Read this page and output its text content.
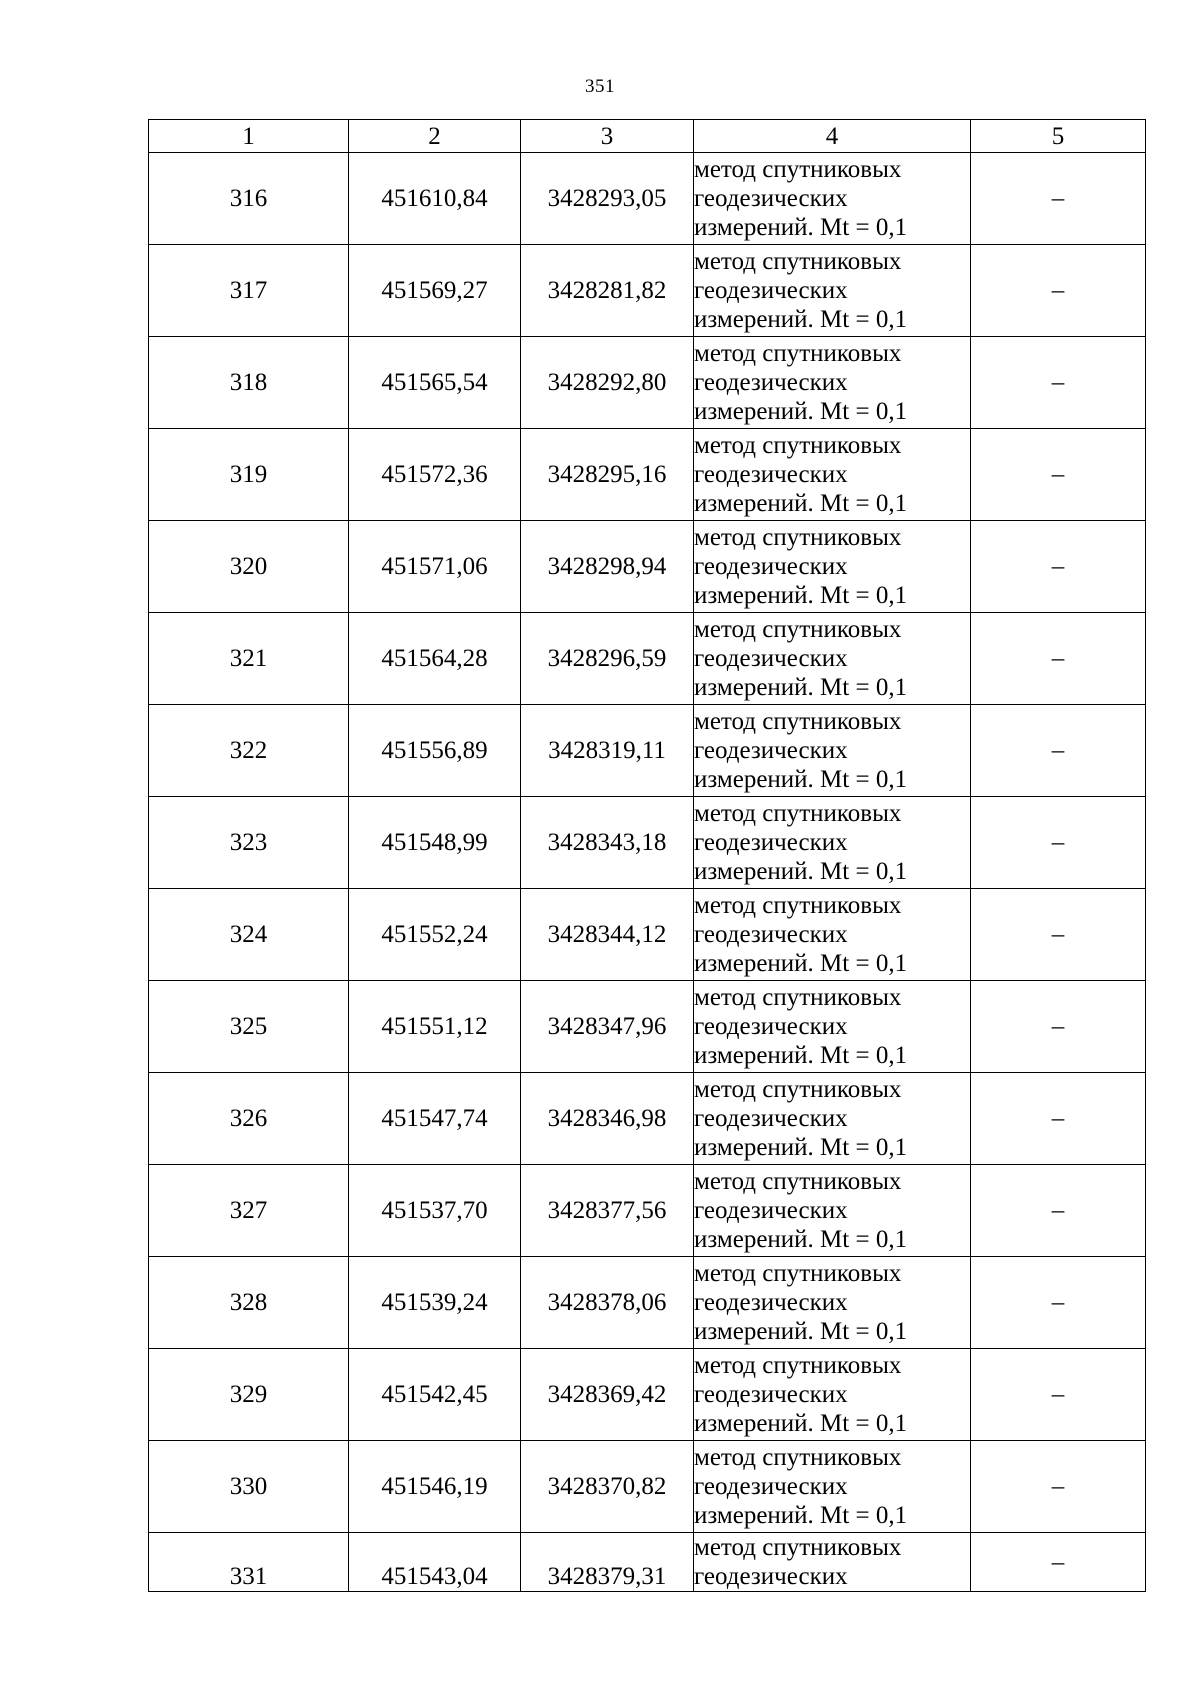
351
1	2	3	4	5
316	451610,84	3428293,05	метод спутниковых
геодезических
измерений. Mt = 0,1	–
317	451569,27	3428281,82	метод спутниковых
геодезических
измерений. Mt = 0,1	–
318	451565,54	3428292,80	метод спутниковых
геодезических
измерений. Mt = 0,1	–
319	451572,36	3428295,16	метод спутниковых
геодезических
измерений. Mt = 0,1	–
320	451571,06	3428298,94	метод спутниковых
геодезических
измерений. Mt = 0,1	–
321	451564,28	3428296,59	метод спутниковых
геодезических
измерений. Mt = 0,1	–
322	451556,89	3428319,11	метод спутниковых
геодезических
измерений. Mt = 0,1	–
323	451548,99	3428343,18	метод спутниковых
геодезических
измерений. Mt = 0,1	–
324	451552,24	3428344,12	метод спутниковых
геодезических
измерений. Mt = 0,1	–
325	451551,12	3428347,96	метод спутниковых
геодезических
измерений. Mt = 0,1	–
326	451547,74	3428346,98	метод спутниковых
геодезических
измерений. Mt = 0,1	–
327	451537,70	3428377,56	метод спутниковых
геодезических
измерений. Mt = 0,1	–
328	451539,24	3428378,06	метод спутниковых
геодезических
измерений. Mt = 0,1	–
329	451542,45	3428369,42	метод спутниковых
геодезических
измерений. Mt = 0,1	–
330	451546,19	3428370,82	метод спутниковых
геодезических
измерений. Mt = 0,1	–
331	451543,04	3428379,31	метод спутниковых
геодезических	–
